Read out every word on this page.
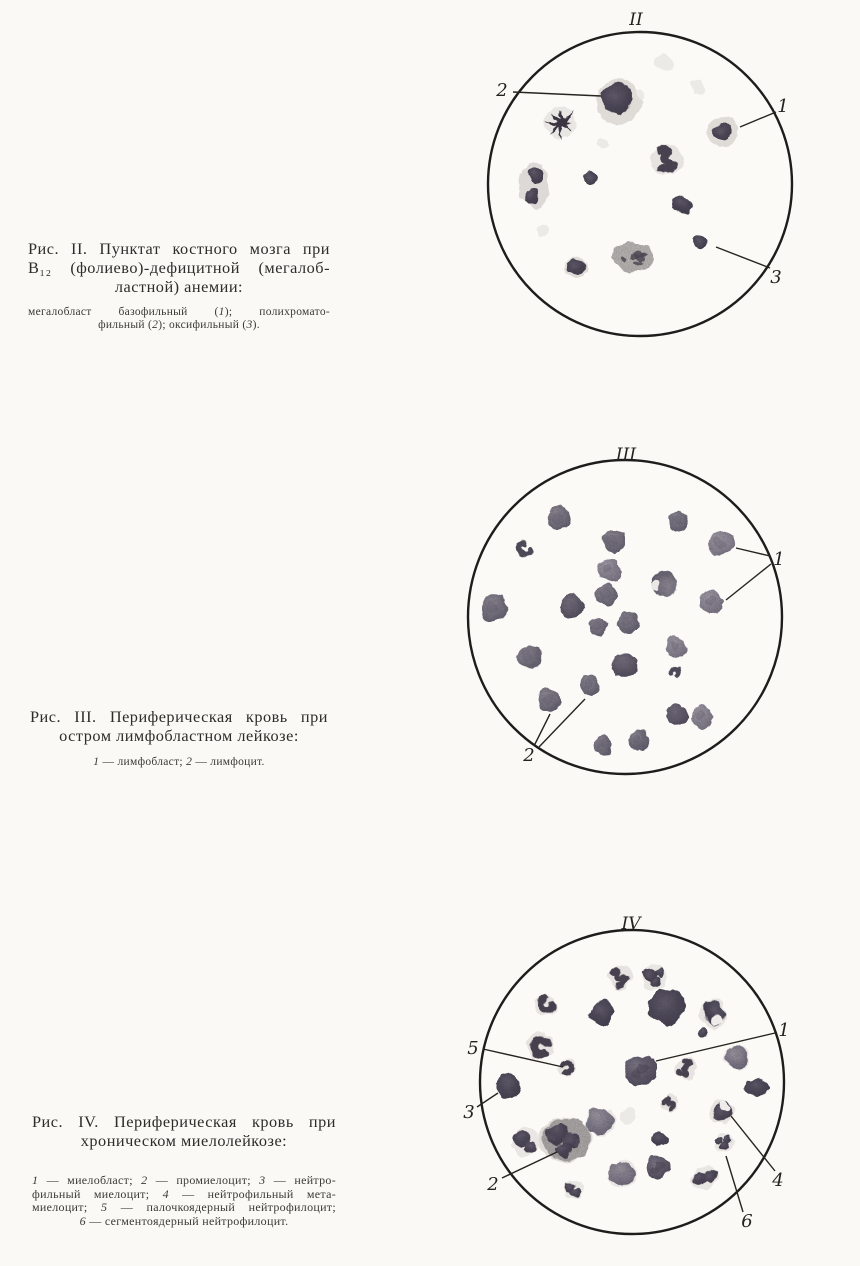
II
2
1
3
III
1
2
IV
5
1
3
2	4
6
Рис. II. Пунктат костного мозга при
В₁₂ (фолиево)-дефицитной (мегалоб-
ластной) анемии:
мегалобласт базофильный (1); полихромато-
фильный (2); оксифильный (3).
Рис. III. Периферическая кровь при
остром лимфобластном лейкозе:
1 — лимфобласт; 2 — лимфоцит.
Рис. IV. Периферическая кровь при
хроническом миелолейкозе:
1 — миелобласт; 2 — промиелоцит; 3 — нейтро-
фильный миелоцит; 4 — нейтрофильный мета-
миелоцит; 5 — палочкоядерный нейтрофилоцит;
6 — сегментоядерный нейтрофилоцит.
